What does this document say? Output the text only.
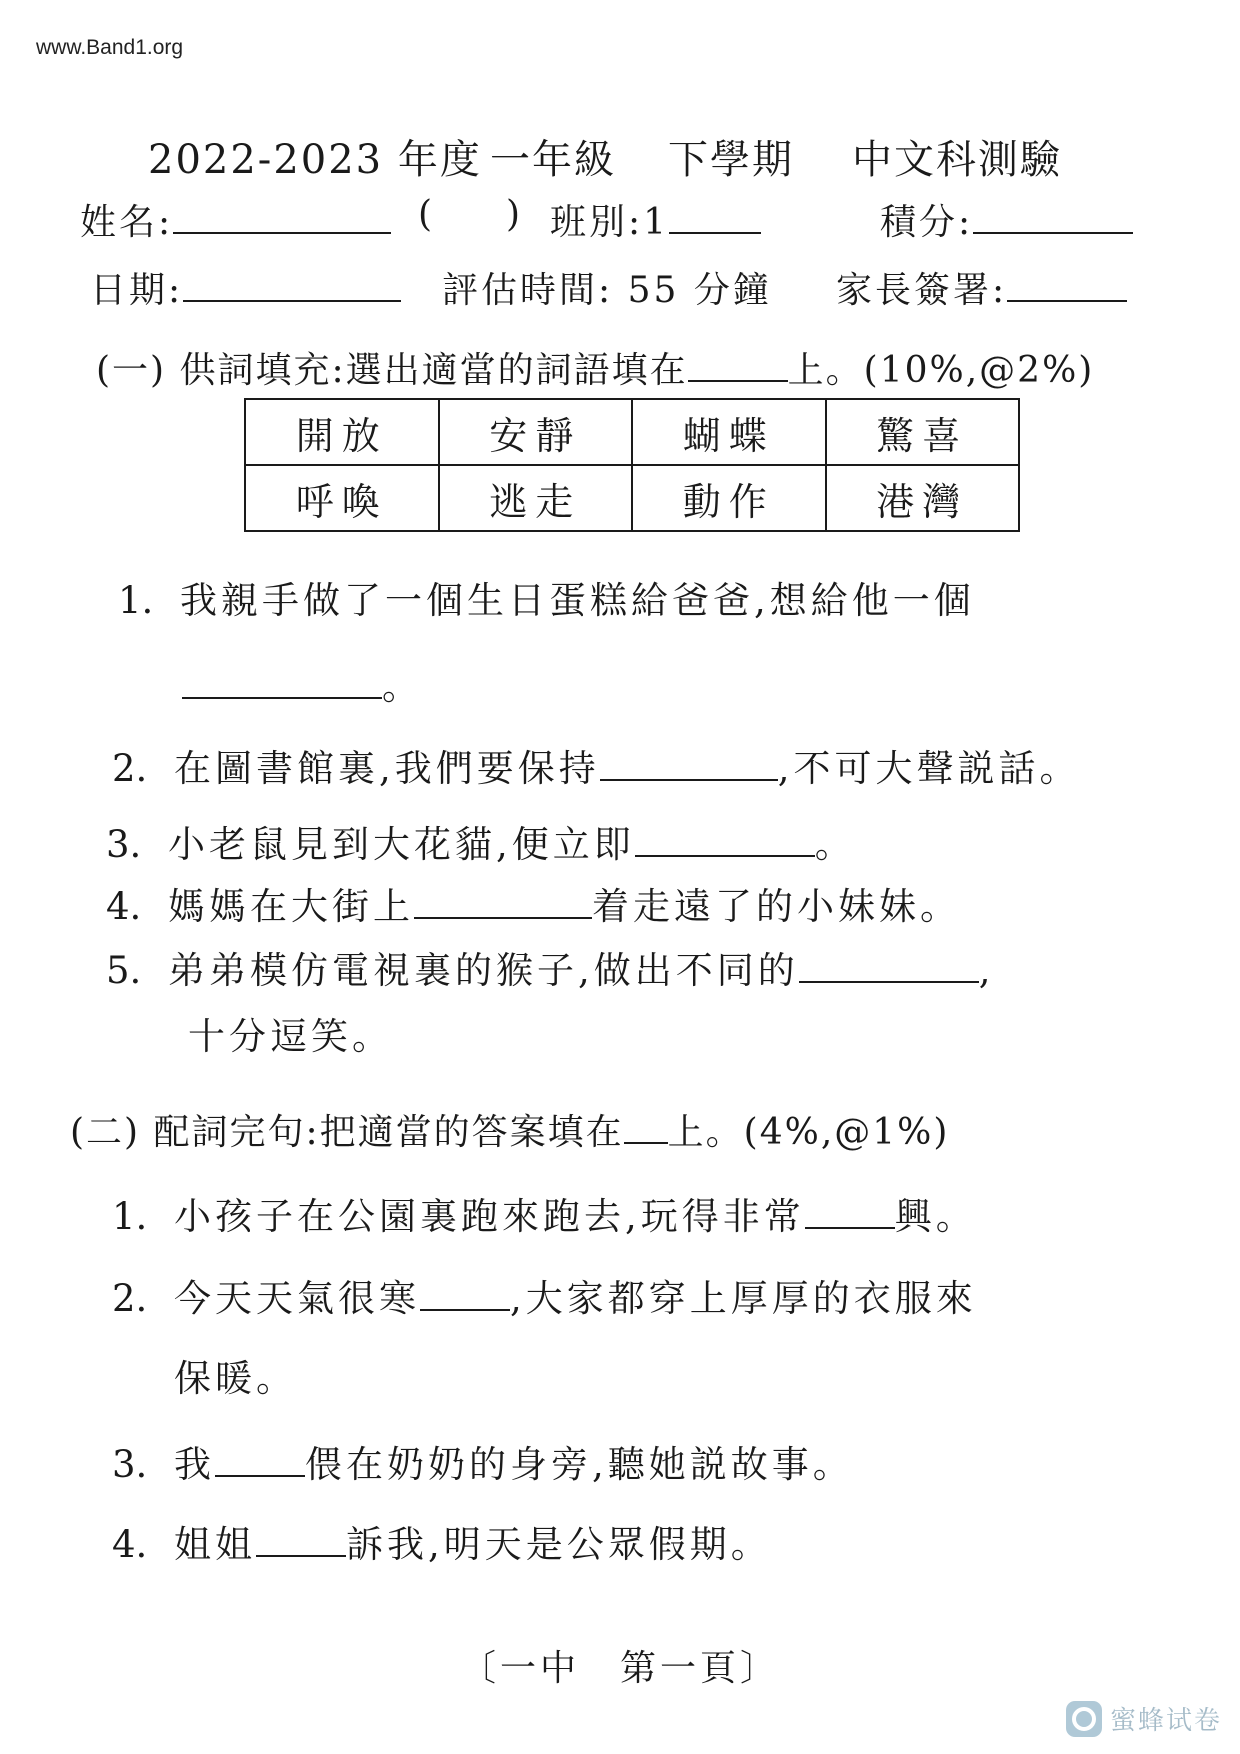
www.Band1.org
2022-2023 年度 一年級 下學期 中文科測驗
姓名:	( ) 班別:1	積分:
日期:	評估時間: 55 分鐘 家長簽署:
(一) 供詞填充:選出適當的詞語填在	上。(10%,@2%)
開放	安靜	蝴蝶	驚喜
呼喚	逃走	動作	港灣
1. 我親手做了一個生日蛋糕給爸爸,想給他一個
。
2. 在圖書館裏,我們要保持	,不可大聲説話。
3. 小老鼠見到大花貓,便立即	。
4. 媽媽在大街上	着走遠了的小妹妹。
5. 弟弟模仿電視裏的猴子,做出不同的	,
十分逗笑。
(二) 配詞完句:把適當的答案填在 上。(4%,@1%)
1. 小孩子在公園裏跑來跑去,玩得非常 興。
2. 今天天氣很寒 ,大家都穿上厚厚的衣服來
保暖。
3. 我 偎在奶奶的身旁,聽她説故事。
4. 姐姐 訴我,明天是公眾假期。
〔一中　第一頁〕
蜜蜂试卷
